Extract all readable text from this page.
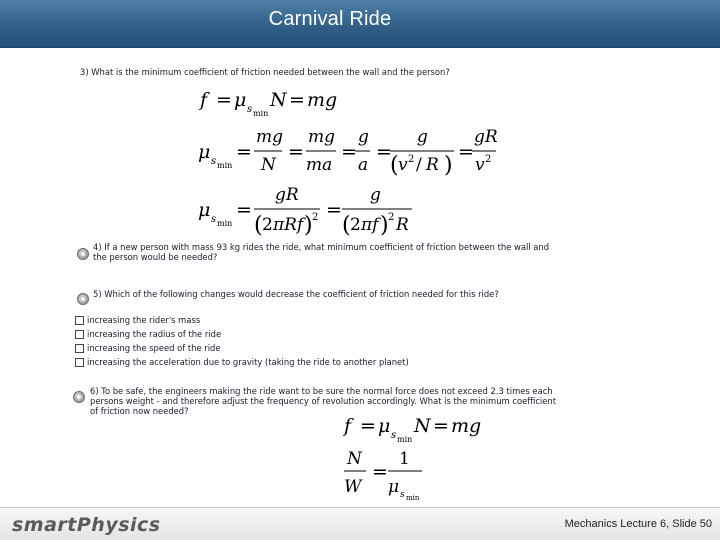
Carnival Ride
3) What is the minimum coefficient of friction needed between the wall and the person?
f = μ s min
N = mg
μ s min
=
mg
N
=
mg
ma
=
g
a
=
g
( v 2 / R )
=
gR
v 2
μ s min
=
gR
( 2 πRf ) 2 =
g
( 2 πf ) 2 R
4) If a new person with mass 93 kg rides the ride, what minimum coefficient of friction between the wall and the person would be needed?
5) Which of the following changes would decrease the coefficient of friction needed for this ride?
increasing the rider's mass
increasing the radius of the ride
increasing the speed of the ride
increasing the acceleration due to gravity (taking the ride to another planet)
6) To be safe, the engineers making the ride want to be sure the normal force does not exceed 2.3 times each persons weight - and therefore adjust the frequency of revolution accordingly. What is the minimum coefficient of friction now needed?
f = μ s min
N = mg
N
W
=
1
μ s min
smartPhysics	Mechanics Lecture 6, Slide 50
